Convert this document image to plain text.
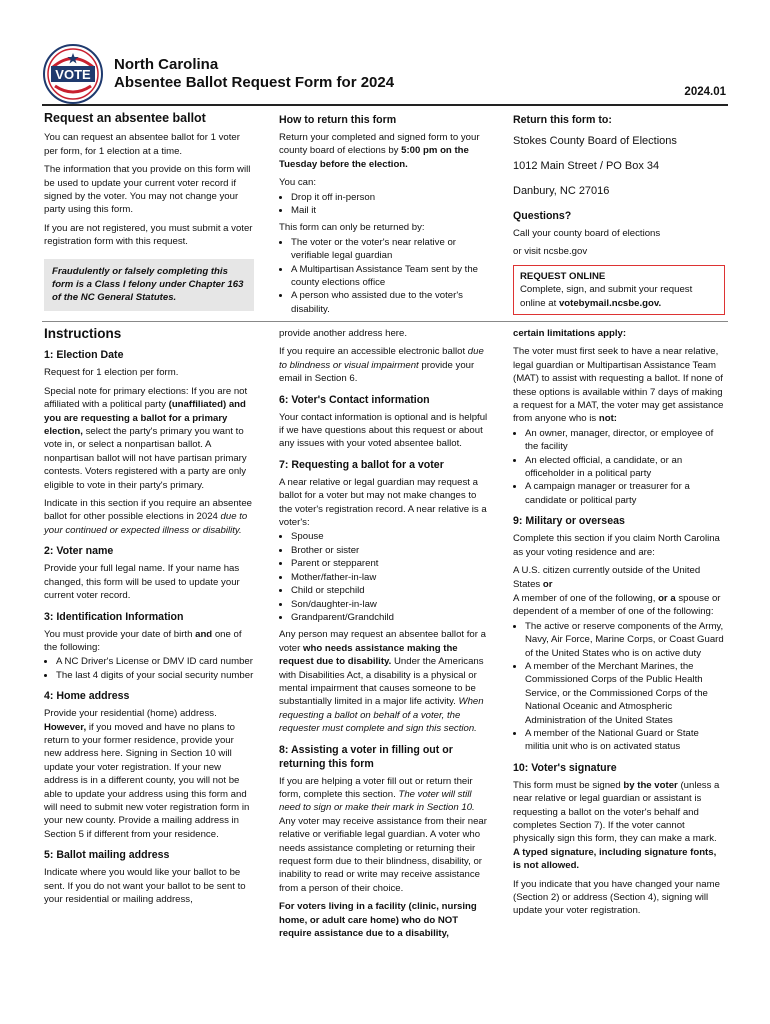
VOTE
North Carolina
Absentee Ballot Request Form for 2024
2024.01
Request an absentee ballot

You can request an absentee ballot for 1 voter per form, for 1 election at a time.

The information that you provide on this form will be used to update your current voter record if signed by the voter. You may not change your party using this form.

If you are not registered, you must submit a voter registration form with this request.

Fraudulently or falsely completing this form is a Class I felony under Chapter 163 of the NC General Statutes.
How to return this form

Return your completed and signed form to your county board of elections by 5:00 pm on the Tuesday before the election.

You can:

• Drop it off in-person
• Mail it

This form can only be returned by:

• The voter or the voter's near relative or verifiable legal guardian
• A Multipartisan Assistance Team sent by the county elections office
• A person who assisted due to the voter's disability.
Return this form to:

Stokes County Board of Elections

1012 Main Street / PO Box 34

Danbury, NC 27016

Questions?

Call your county board of elections

or visit ncsbe.gov

REQUEST ONLINE
Complete, sign, and submit your request online at votebymail.ncsbe.gov.
Instructions
1: Election Date

Request for 1 election per form.

Special note for primary elections: If you are not affiliated with a political party (unaffiliated) and you are requesting a ballot for a primary election, select the party's primary you want to vote in, or select a nonpartisan ballot. A nonpartisan ballot will not have partisan primary contests. Voters registered with a party are only eligible to vote in their party's primary.

Indicate in this section if you require an absentee ballot for other possible elections in 2024 due to your continued or expected illness or disability.

2: Voter name

Provide your full legal name. If your name has changed, this form will be used to update your current voter record.

3: Identification Information

You must provide your date of birth and one of the following:

• A NC Driver's License or DMV ID card number
• The last 4 digits of your social security number
4: Home address

Provide your residential (home) address. However, if you moved and have no plans to return to your former residence, provide your new address here. Signing in Section 10 will update your voter registration. If your new address is in a different county, you will not be able to update your address using this form and will need to submit new voter registration form in your new county. Provide a mailing address in Section 5 if different from your residence.

5: Ballot mailing address

Indicate where you would like your ballot to be sent. If you do not want your ballot to be sent to your residential or mailing address,

provide another address here.

If you require an accessible electronic ballot due to blindness or visual impairment provide your email in Section 6.

6: Voter's Contact information

Your contact information is optional and is helpful if we have questions about this request or about any issues with your voted absentee ballot.

7: Requesting a ballot for a voter

A near relative or legal guardian may request a ballot for a voter but may not make changes to the voter's registration record. A near relative is a voter's:

• Spouse
• Brother or sister
• Parent or stepparent
• Mother/father-in-law
• Child or stepchild
• Son/daughter-in-law
• Grandparent/Grandchild

Any person may request an absentee ballot for a voter who needs assistance making the request due to disability. Under the Americans with Disabilities Act, a disability is a physical or mental impairment that causes someone to be substantially limited in a major life activity. When requesting a ballot on behalf of a voter, the requester must complete and sign this section.

8: Assisting a voter in filling out or returning this form

If you are helping a voter fill out or return their form, complete this section. The voter will still need to sign or make their mark in Section 10. Any voter may receive assistance from their near relative or verifiable legal guardian. A voter who needs assistance completing or returning their request form due to their blindness, disability, or inability to read or write may receive assistance from a person of their choice.

For voters living in a facility (clinic, nursing home, or adult care home) who do NOT require assistance due to a disability,

certain limitations apply:

The voter must first seek to have a near relative, legal guardian or Multipartisan Assistance Team (MAT) to assist with requesting a ballot. If none of these options is available within 7 days of making a request for a MAT, the voter may get assistance from anyone who is not:

• An owner, manager, director, or employee of the facility
• An elected official, a candidate, or an officeholder in a political party
• A campaign manager or treasurer for a candidate or political party
9: Military or overseas

Complete this section if you claim North Carolina as your voting residence and are:

A U.S. citizen currently outside of the United States or

A member of one of the following, or a spouse or dependent of a member of one of the following:

• The active or reserve components of the Army, Navy, Air Force, Marine Corps, or Coast Guard of the United States who is on active duty
• A member of the Merchant Marines, the Commissioned Corps of the Public Health Service, or the Commissioned Corps of the National Oceanic and Atmospheric Administration of the United States
• A member of the National Guard or State militia unit who is on activated status
10: Voter's signature

This form must be signed by the voter (unless a near relative or legal guardian or assistant is requesting a ballot on the voter's behalf and completes Section 7). If the voter cannot physically sign this form, they can make a mark. A typed signature, including signature fonts, is not allowed.

If you indicate that you have changed your name (Section 2) or address (Section 4), signing will update your voter registration.
